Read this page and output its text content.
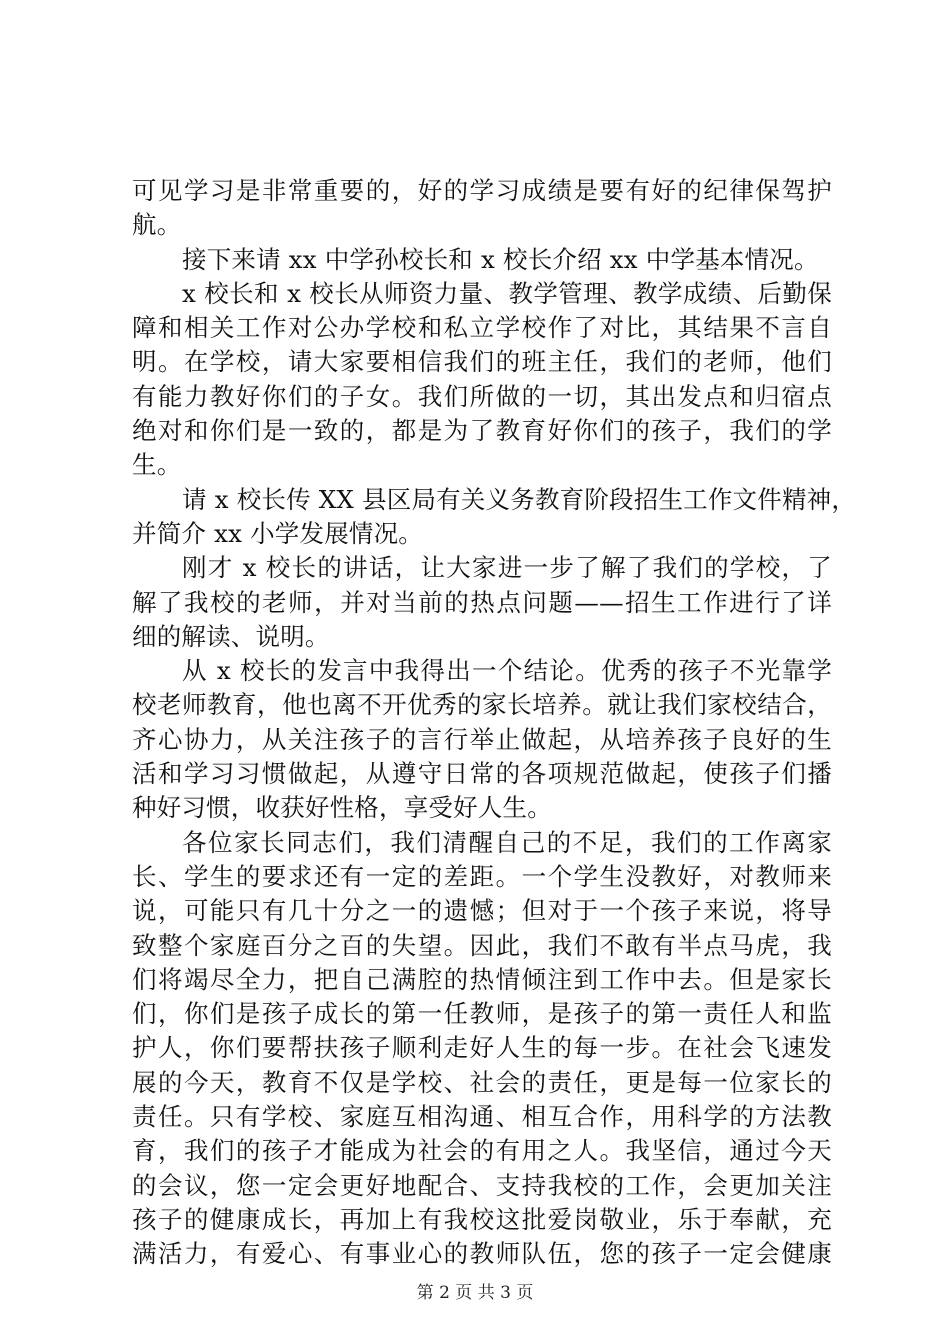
可见学习是非常重要的，好的学习成绩是要有好的纪律保驾护
航。
接下来请 xx 中学孙校长和 x 校长介绍 xx 中学基本情况。
x 校长和 x 校长从师资力量、教学管理、教学成绩、后勤保
障和相关工作对公办学校和私立学校作了对比，其结果不言自
明。在学校，请大家要相信我们的班主任，我们的老师，他们
有能力教好你们的子女。我们所做的一切，其出发点和归宿点
绝对和你们是一致的，都是为了教育好你们的孩子，我们的学
生。
请 x 校长传 XX 县区局有关义务教育阶段招生工作文件精神，
并简介 xx 小学发展情况。
刚才 x 校长的讲话，让大家进一步了解了我们的学校，了
解了我校的老师，并对当前的热点问题——招生工作进行了详
细的解读、说明。
从 x 校长的发言中我得出一个结论。优秀的孩子不光靠学
校老师教育，他也离不开优秀的家长培养。就让我们家校结合，
齐心协力，从关注孩子的言行举止做起，从培养孩子良好的生
活和学习习惯做起，从遵守日常的各项规范做起，使孩子们播
种好习惯，收获好性格，享受好人生。
各位家长同志们，我们清醒自己的不足，我们的工作离家
长、学生的要求还有一定的差距。一个学生没教好，对教师来
说，可能只有几十分之一的遗憾；但对于一个孩子来说，将导
致整个家庭百分之百的失望。因此，我们不敢有半点马虎，我
们将竭尽全力，把自己满腔的热情倾注到工作中去。但是家长
们，你们是孩子成长的第一任教师，是孩子的第一责任人和监
护人，你们要帮扶孩子顺利走好人生的每一步。在社会飞速发
展的今天，教育不仅是学校、社会的责任，更是每一位家长的
责任。只有学校、家庭互相沟通、相互合作，用科学的方法教
育，我们的孩子才能成为社会的有用之人。我坚信，通过今天
的会议，您一定会更好地配合、支持我校的工作，会更加关注
孩子的健康成长，再加上有我校这批爱岗敬业，乐于奉献，充
满活力，有爱心、有事业心的教师队伍，您的孩子一定会健康
第 2 页 共 3 页
